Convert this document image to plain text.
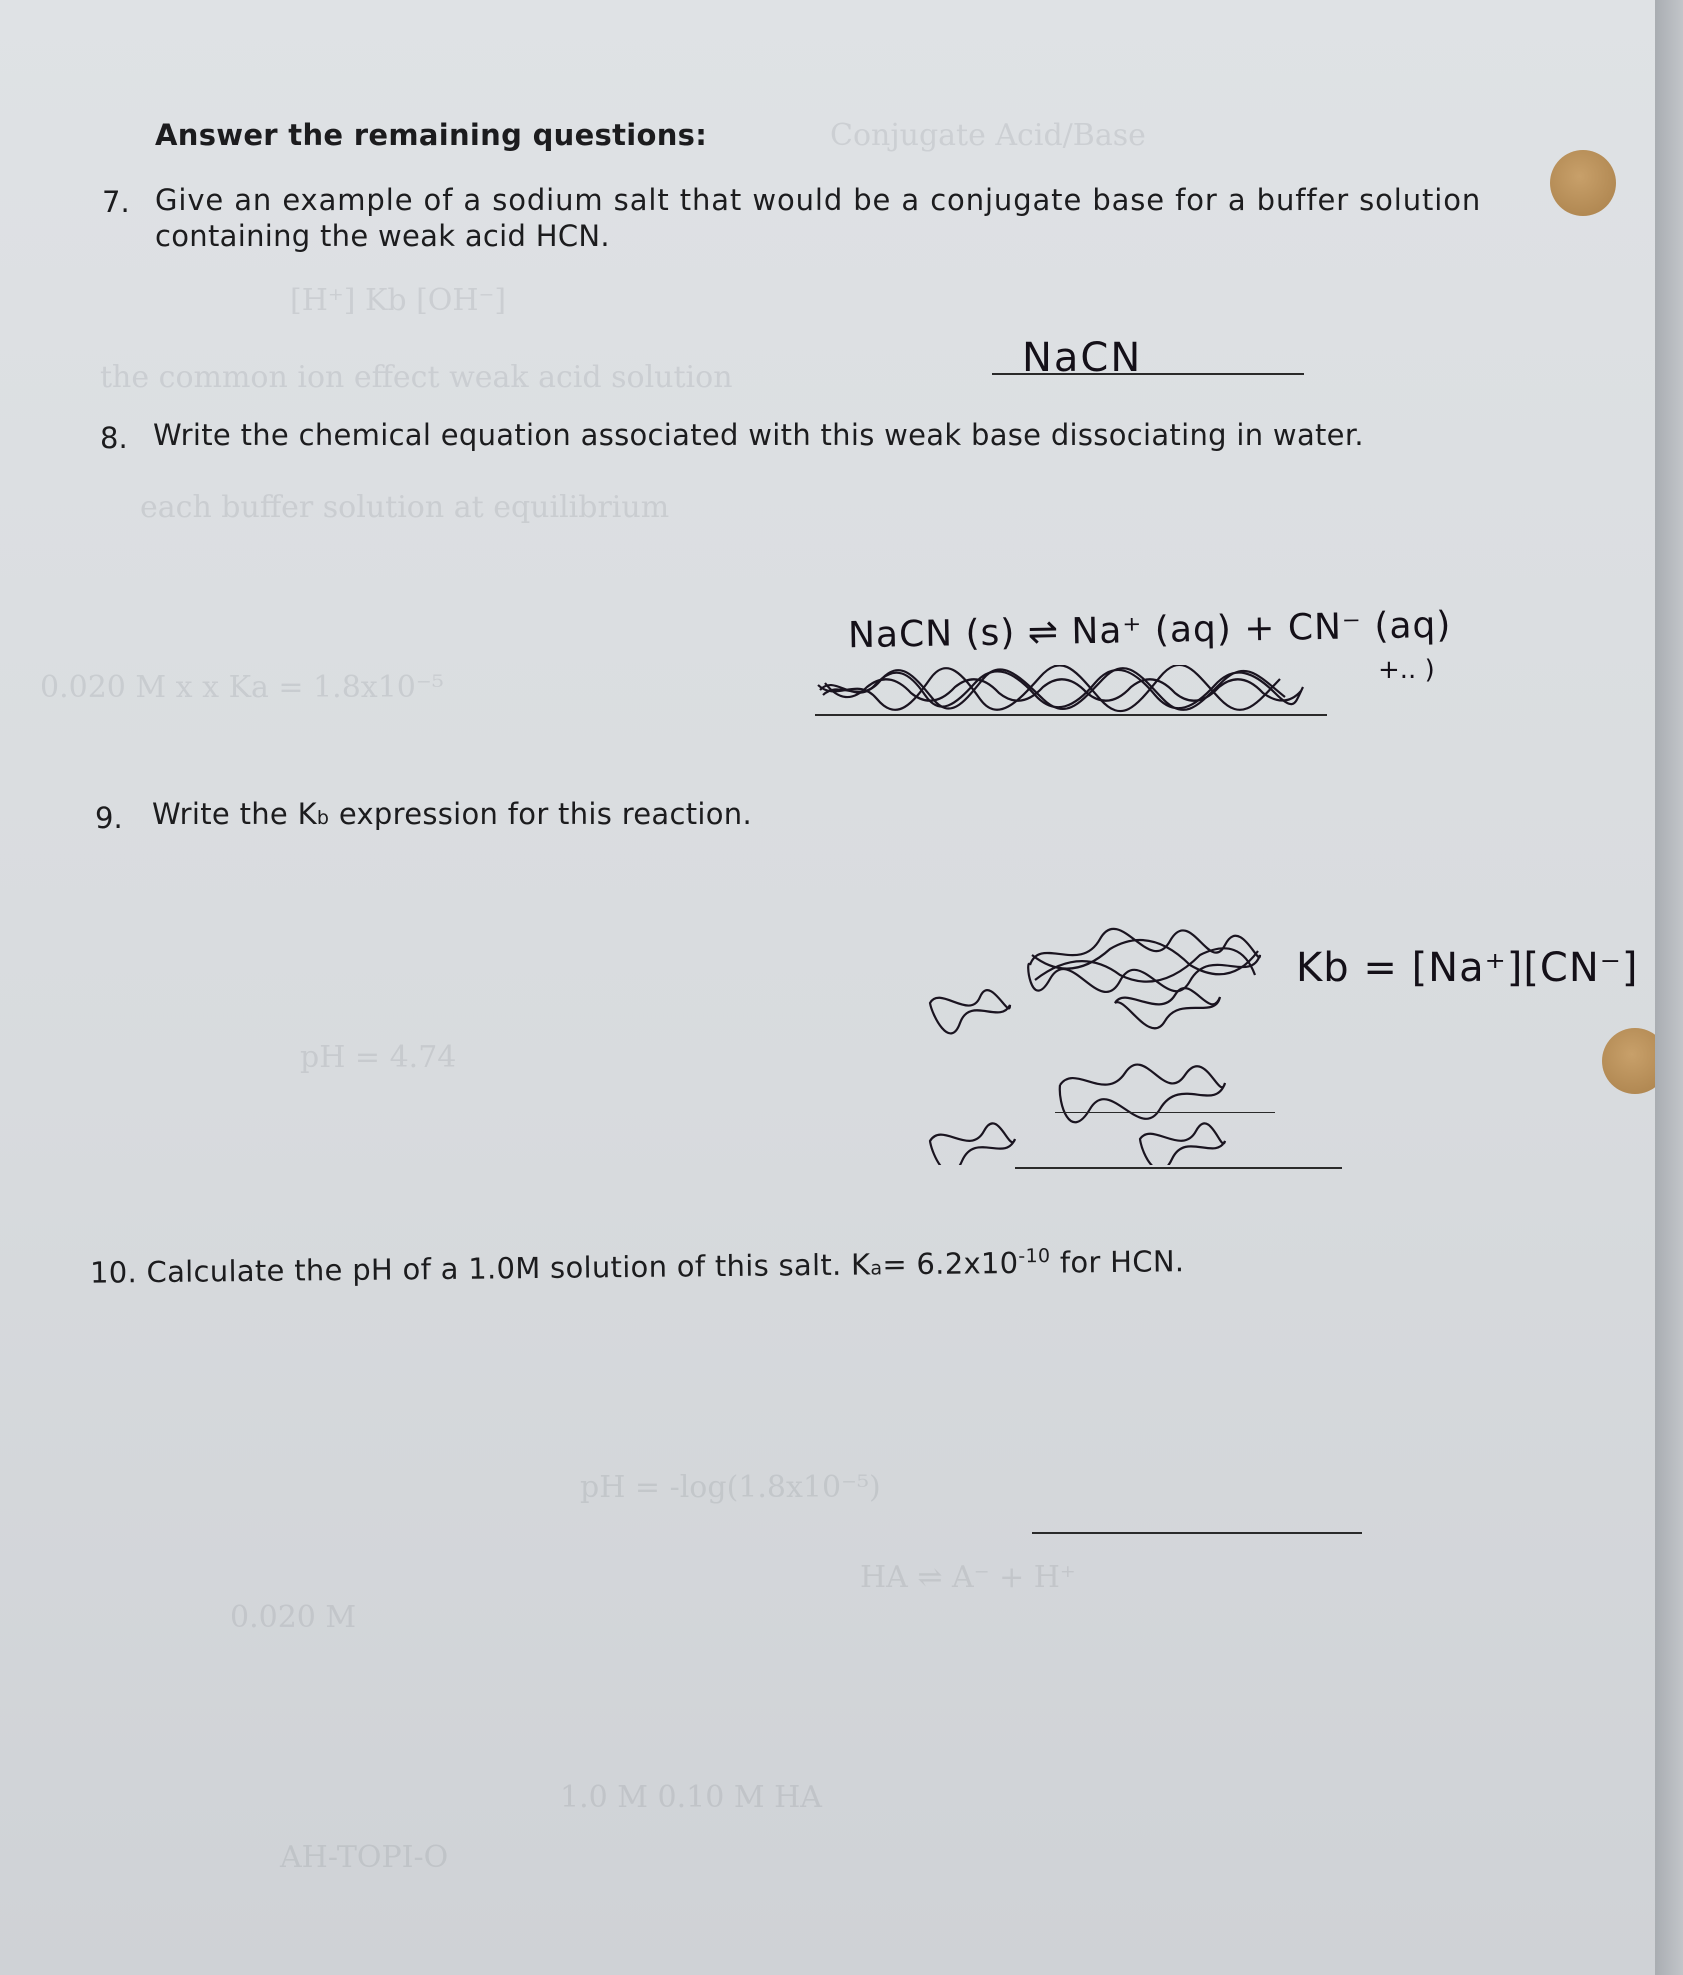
Conjugate Acid/Base
[H⁺] Kb [OH⁻]
the common ion effect weak acid solution
each buffer solution at equilibrium
0.020 M x x Ka = 1.8x10⁻⁵
pH = 4.74
pH = -log(1.8x10⁻⁵)
HA ⇌ A⁻ + H⁺
0.020 M
1.0 M 0.10 M HA
AH-TOPI-O
Answer the remaining questions:
7. Give an example of a sodium salt that would be a conjugate base for a buffer solution
containing the weak acid HCN.
NaCN
8. Write the chemical equation associated with this weak base dissociating in water.
NaCN (s) ⇌ Na⁺ (aq) + CN⁻ (aq)
+.. )
9. Write the Kb expression for this reaction.
Kb = [Na⁺][CN⁻]
10. Calculate the pH of a 1.0M solution of this salt. $Ka= 6.2x10^{-10}$ for HCN.
